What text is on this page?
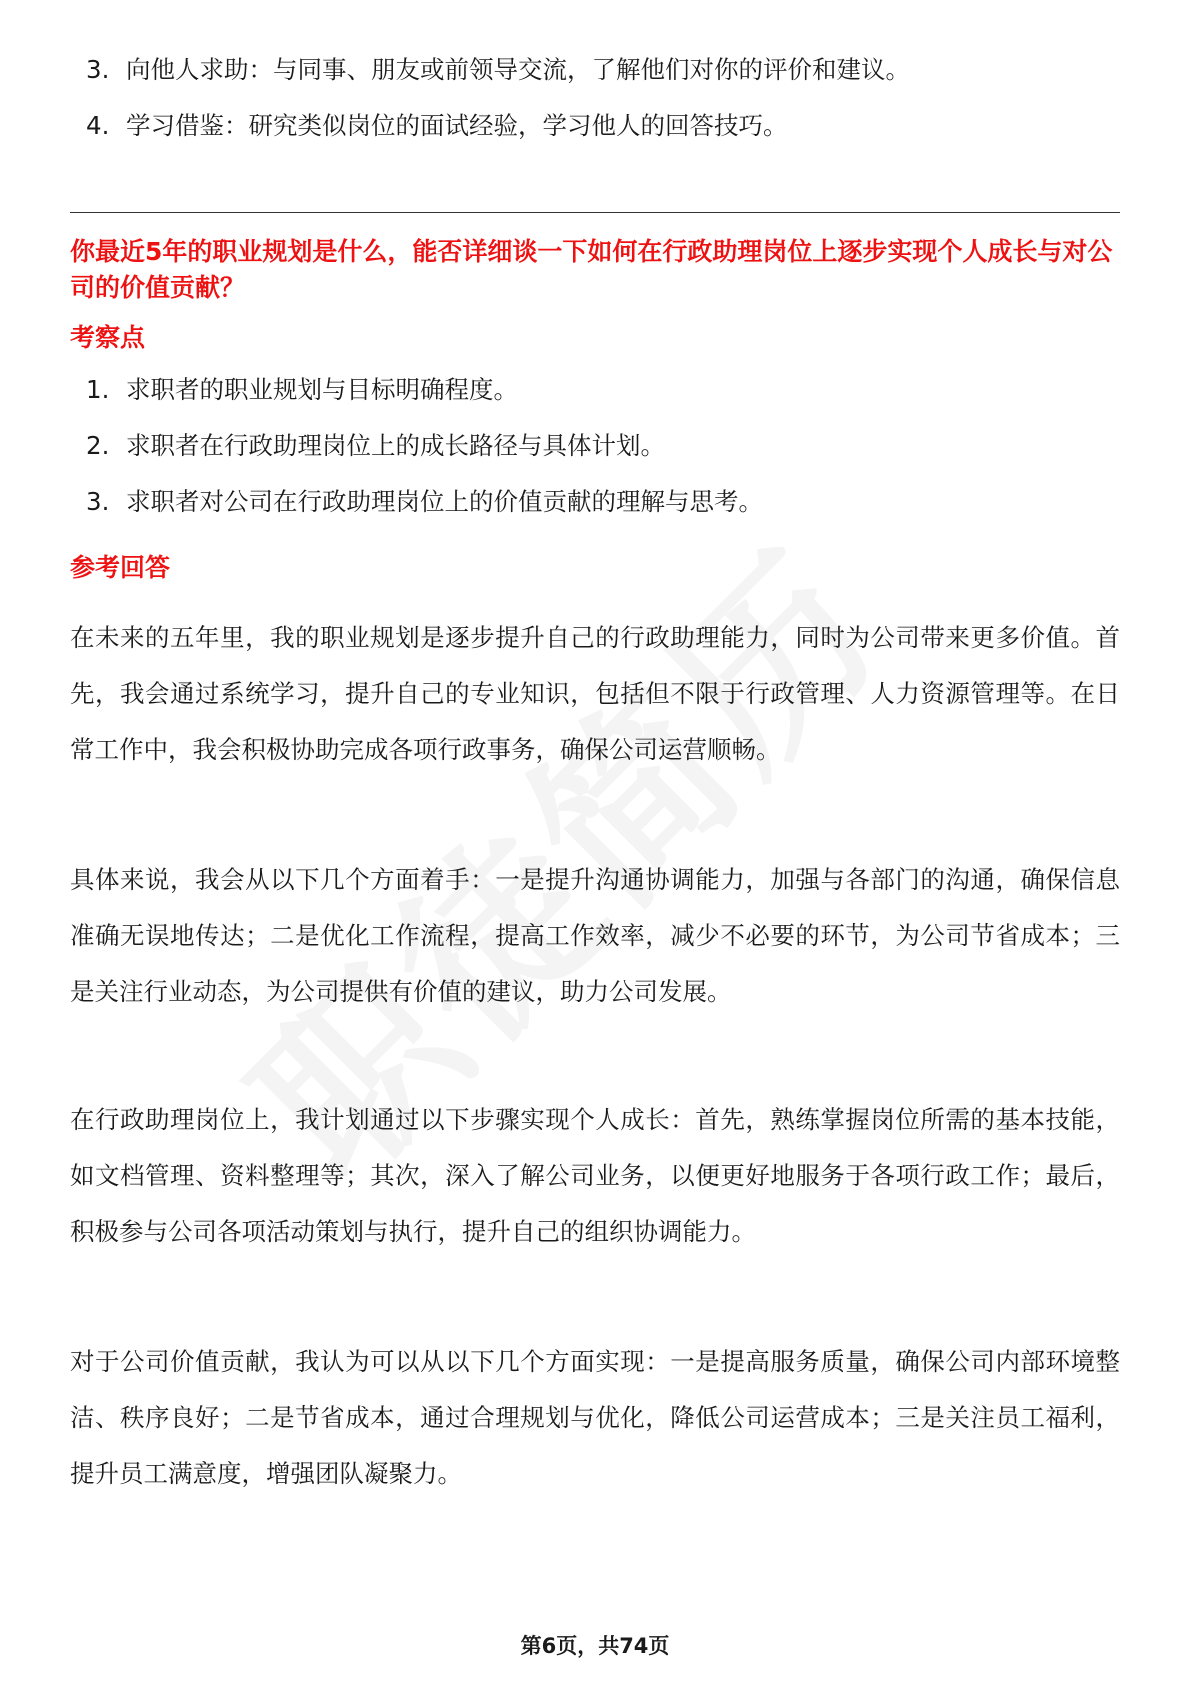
3. 向他人求助：与同事、朋友或前领导交流，了解他们对你的评价和建议。
4. 学习借鉴：研究类似岗位的面试经验，学习他人的回答技巧。
你最近5年的职业规划是什么，能否详细谈一下如何在行政助理岗位上逐步实现个人成长与对公司的价值贡献？
考察点
1. 求职者的职业规划与目标明确程度。
2. 求职者在行政助理岗位上的成长路径与具体计划。
3. 求职者对公司在行政助理岗位上的价值贡献的理解与思考。
参考回答

在未来的五年里，我的职业规划是逐步提升自己的行政助理能力，同时为公司带来更多价值。首先，我会通过系统学习，提升自己的专业知识，包括但不限于行政管理、人力资源管理等。在日常工作中，我会积极协助完成各项行政事务，确保公司运营顺畅。

具体来说，我会从以下几个方面着手：一是提升沟通协调能力，加强与各部门的沟通，确保信息准确无误地传达；二是优化工作流程，提高工作效率，减少不必要的环节，为公司节省成本；三是关注行业动态，为公司提供有价值的建议，助力公司发展。

在行政助理岗位上，我计划通过以下步骤实现个人成长：首先，熟练掌握岗位所需的基本技能，如文档管理、资料整理等；其次，深入了解公司业务，以便更好地服务于各项行政工作；最后，积极参与公司各项活动策划与执行，提升自己的组织协调能力。

对于公司价值贡献，我认为可以从以下几个方面实现：一是提高服务质量，确保公司内部环境整洁、秩序良好；二是节省成本，通过合理规划与优化，降低公司运营成本；三是关注员工福利，提升员工满意度，增强团队凝聚力。

第6页，共74页
